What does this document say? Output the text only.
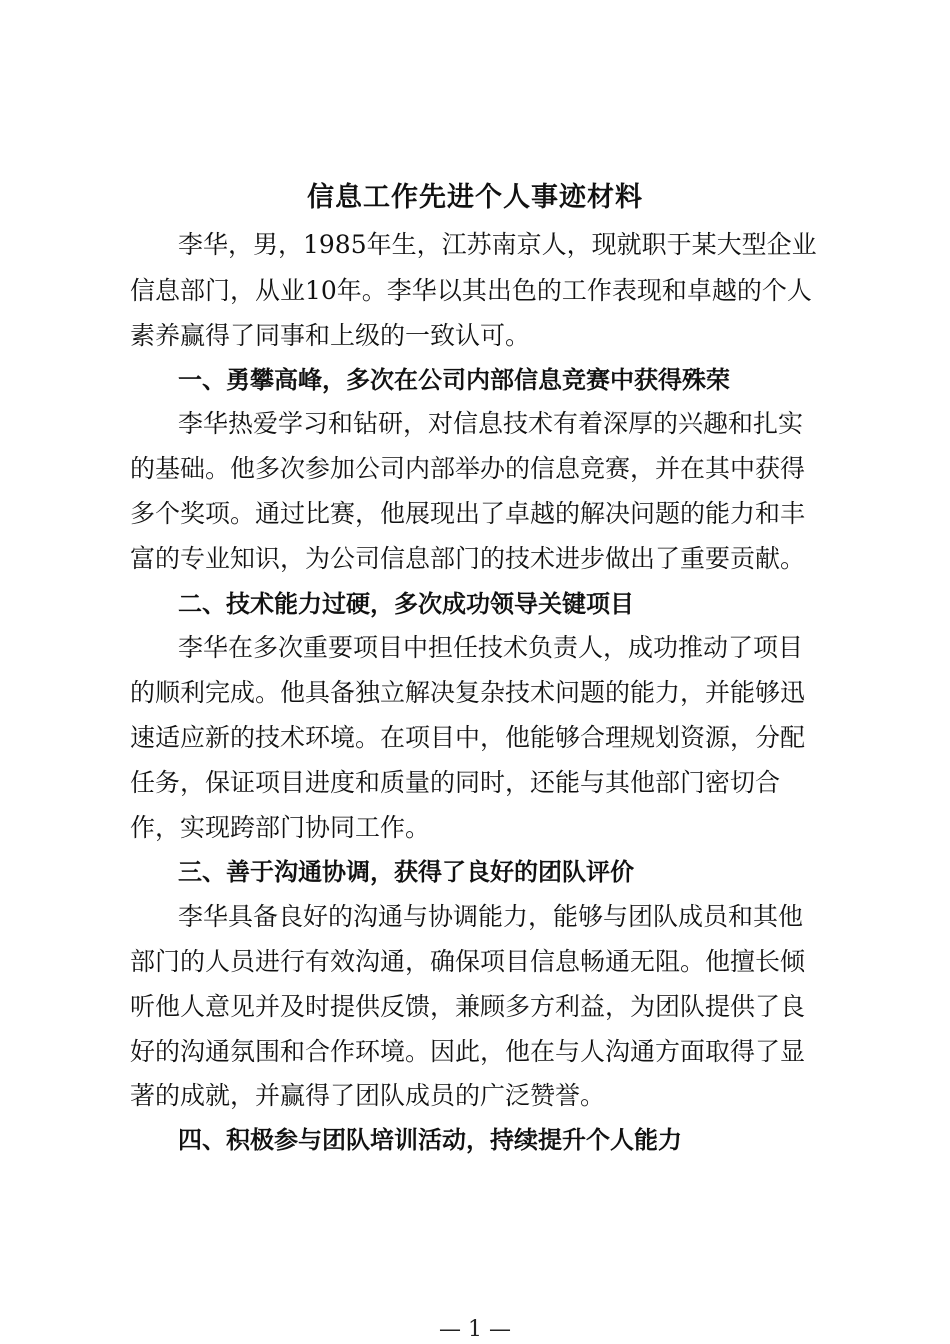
信息工作先进个人事迹材料
李华，男，1985年生，江苏南京人，现就职于某大型企业
信息部门，从业10年。李华以其出色的工作表现和卓越的个人
素养赢得了同事和上级的一致认可。
一、勇攀高峰，多次在公司内部信息竞赛中获得殊荣
李华热爱学习和钻研，对信息技术有着深厚的兴趣和扎实
的基础。他多次参加公司内部举办的信息竞赛，并在其中获得
多个奖项。通过比赛，他展现出了卓越的解决问题的能力和丰
富的专业知识，为公司信息部门的技术进步做出了重要贡献。
二、技术能力过硬，多次成功领导关键项目
李华在多次重要项目中担任技术负责人，成功推动了项目
的顺利完成。他具备独立解决复杂技术问题的能力，并能够迅
速适应新的技术环境。在项目中，他能够合理规划资源，分配
任务，保证项目进度和质量的同时，还能与其他部门密切合
作，实现跨部门协同工作。
三、善于沟通协调，获得了良好的团队评价
李华具备良好的沟通与协调能力，能够与团队成员和其他
部门的人员进行有效沟通，确保项目信息畅通无阻。他擅长倾
听他人意见并及时提供反馈，兼顾多方利益，为团队提供了良
好的沟通氛围和合作环境。因此，他在与人沟通方面取得了显
著的成就，并赢得了团队成员的广泛赞誉。
四、积极参与团队培训活动，持续提升个人能力
— 1 —
